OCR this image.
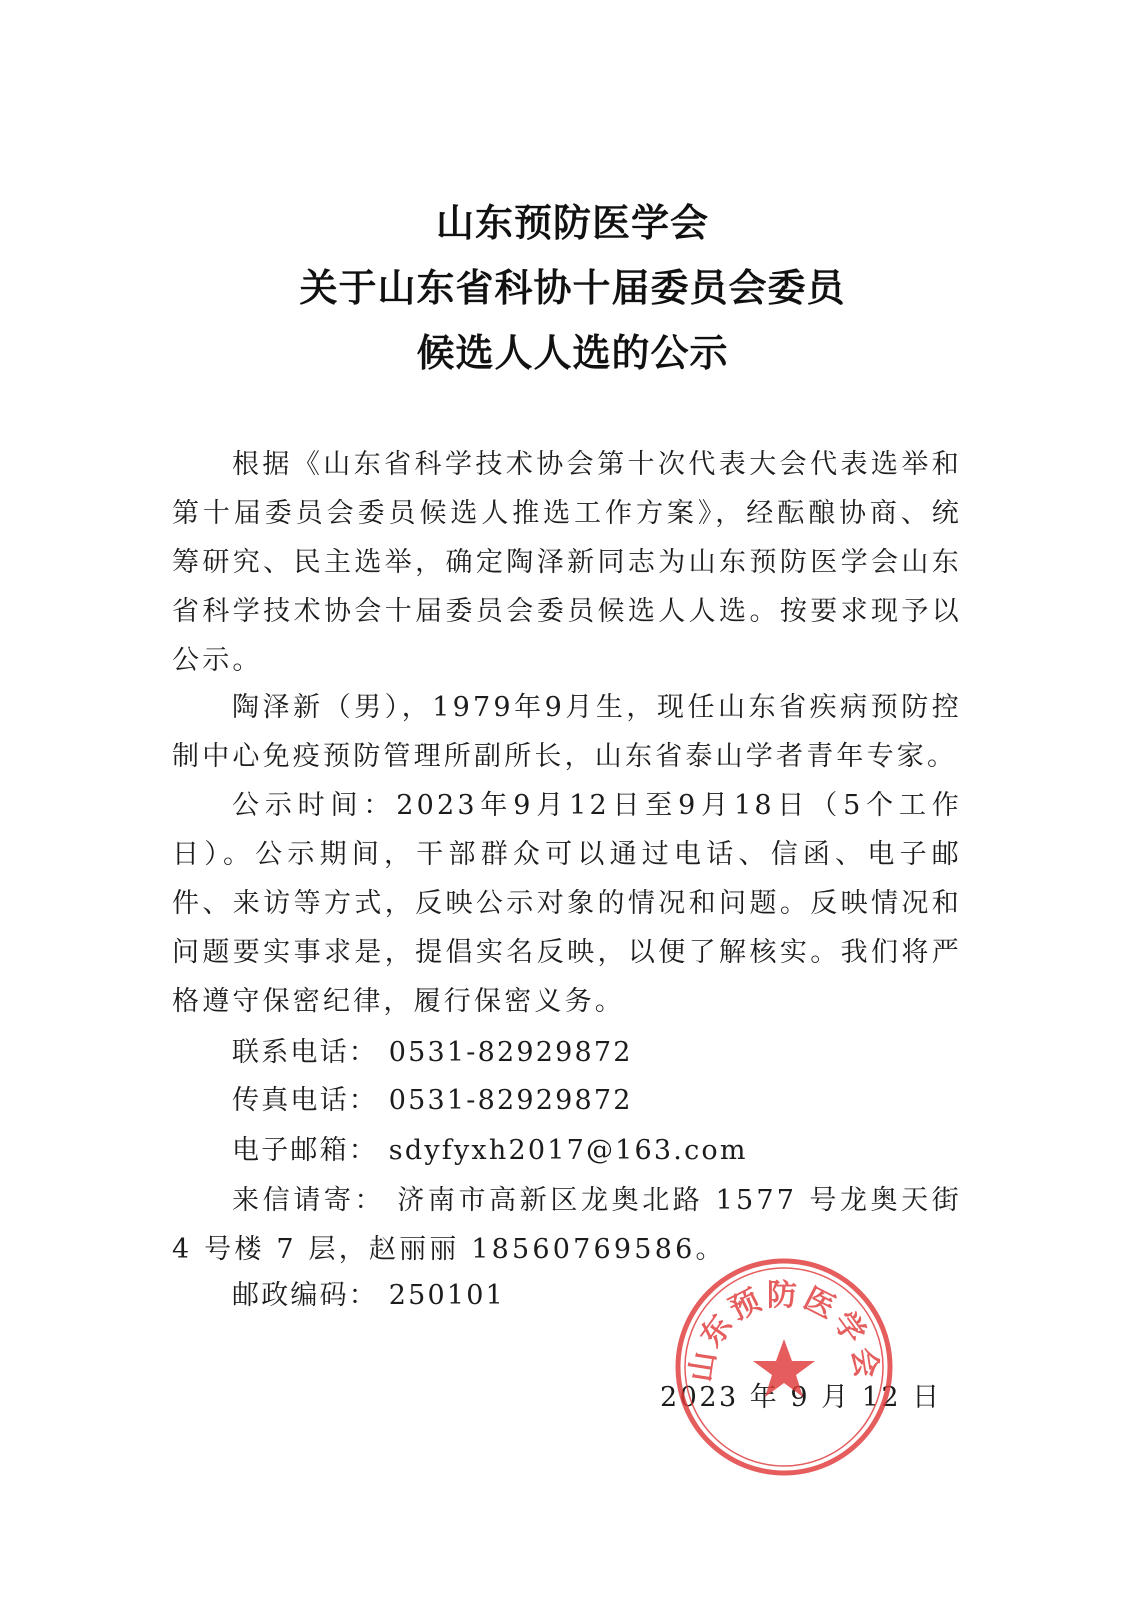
山东预防医学会
关于山东省科协十届委员会委员
候选人人选的公示

根据《山东省科学技术协会第十次代表大会代表选举和第十届委员会委员候选人推选工作方案》，经酝酿协商、统筹研究、民主选举，确定陶泽新同志为山东预防医学会山东省科学技术协会十届委员会委员候选人人选。按要求现予以公示。

陶泽新（男），1979年9月生，现任山东省疾病预防控制中心免疫预防管理所副所长，山东省泰山学者青年专家。

公示时间：2023年9月12日至9月18日（5个工作日）。公示期间，干部群众可以通过电话、信函、电子邮件、来访等方式，反映公示对象的情况和问题。反映情况和问题要实事求是，提倡实名反映，以便了解核实。我们将严格遵守保密纪律，履行保密义务。

联系电话： 0531-82929872
传真电话： 0531-82929872
电子邮箱： sdyfyxh2017@163.com

来信请寄： 济南市高新区龙奥北路 1577 号龙奥天街 4 号楼 7 层，赵丽丽 18560769586。

邮政编码： 250101
2023 年 9 月 12 日
山东预防医学会
